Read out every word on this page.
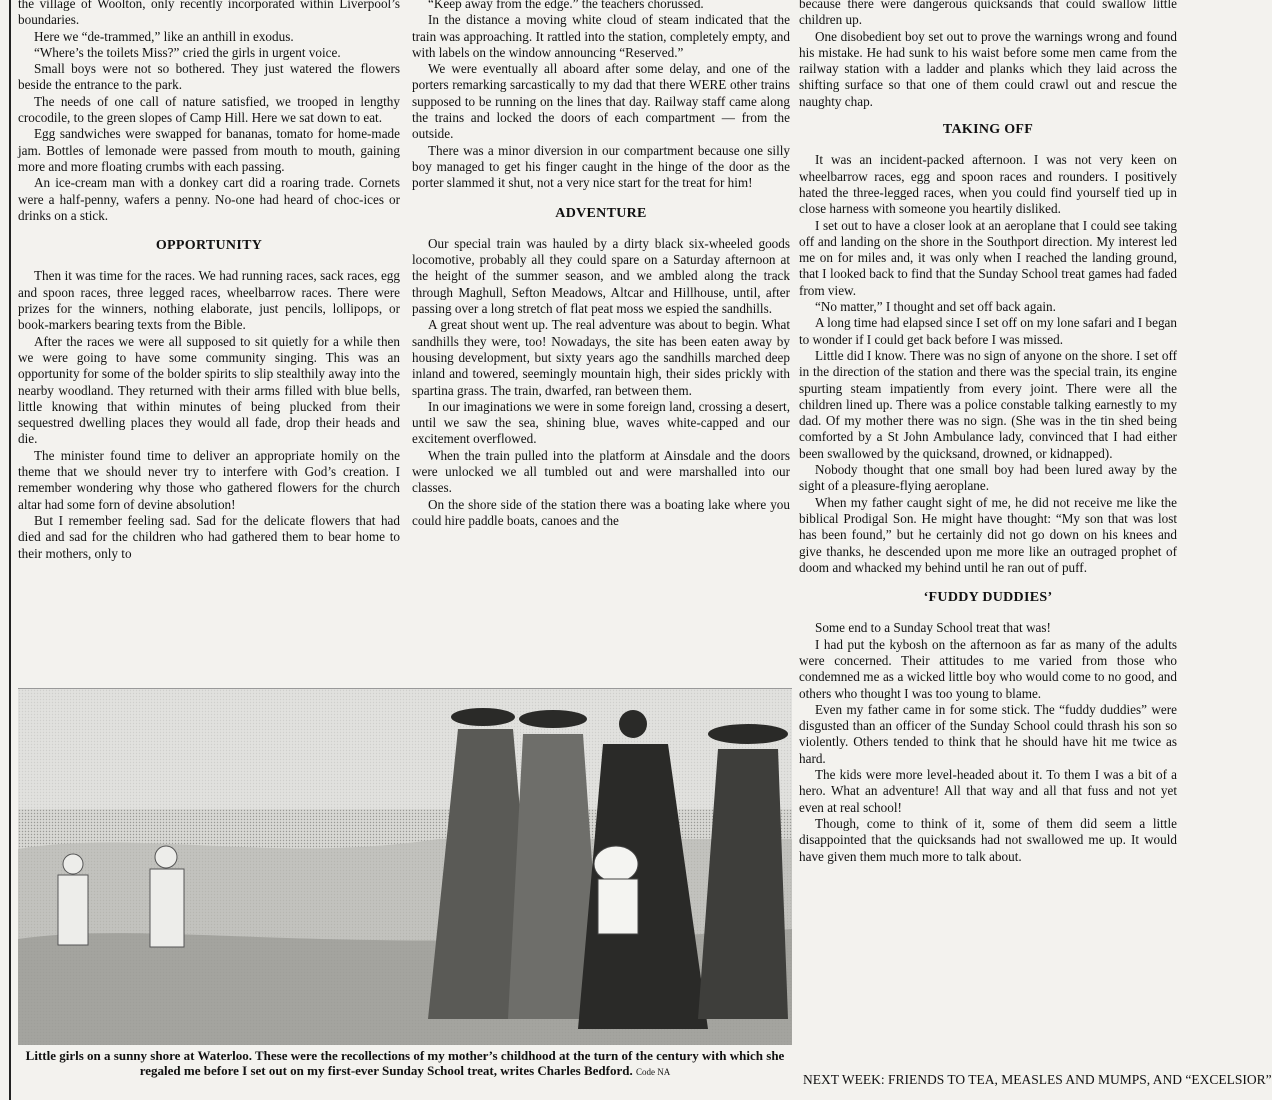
the village of Woolton, only recently incorporated within Liverpool’s boundaries.

Here we “de-trammed,” like an anthill in exodus.

“Where’s the toilets Miss?” cried the girls in urgent voice.

Small boys were not so bothered. They just watered the flowers beside the entrance to the park.

The needs of one call of nature satisfied, we trooped in lengthy crocodile, to the green slopes of Camp Hill. Here we sat down to eat.

Egg sandwiches were swapped for bananas, tomato for home-made jam. Bottles of lemonade were passed from mouth to mouth, gaining more and more floating crumbs with each passing.

An ice-cream man with a donkey cart did a roaring trade. Cornets were a half-penny, wafers a penny. No-one had heard of choc-ices or drinks on a stick.

OPPORTUNITY

Then it was time for the races. We had running races, sack races, egg and spoon races, three legged races, wheelbarrow races. There were prizes for the winners, nothing elaborate, just pencils, lollipops, or book-markers bearing texts from the Bible.

After the races we were all supposed to sit quietly for a while then we were going to have some community singing. This was an opportunity for some of the bolder spirits to slip stealthily away into the nearby woodland. They returned with their arms filled with blue bells, little knowing that within minutes of being plucked from their sequestred dwelling places they would all fade, drop their heads and die.

The minister found time to deliver an appropriate homily on the theme that we should never try to interfere with God’s creation. I remember wondering why those who gathered flowers for the church altar had some forn of devine absolution!

But I remember feeling sad. Sad for the delicate flowers that had died and sad for the children who had gathered them to bear home to their mothers, only to

“Keep away from the edge.” the teachers chorussed.

In the distance a moving white cloud of steam indicated that the train was approaching. It rattled into the station, completely empty, and with labels on the window announcing “Reserved.”

We were eventually all aboard after some delay, and one of the porters remarking sarcastically to my dad that there WERE other trains supposed to be running on the lines that day. Railway staff came along the trains and locked the doors of each compartment — from the outside.

There was a minor diversion in our compartment because one silly boy managed to get his finger caught in the hinge of the door as the porter slammed it shut, not a very nice start for the treat for him!

ADVENTURE

Our special train was hauled by a dirty black six-wheeled goods locomotive, probably all they could spare on a Saturday afternoon at the height of the summer season, and we ambled along the track through Maghull, Sefton Meadows, Altcar and Hillhouse, until, after passing over a long stretch of flat peat moss we espied the sandhills.

A great shout went up. The real adventure was about to begin. What sandhills they were, too! Nowadays, the site has been eaten away by housing development, but sixty years ago the sandhills marched deep inland and towered, seemingly mountain high, their sides prickly with spartina grass. The train, dwarfed, ran between them.

In our imaginations we were in some foreign land, crossing a desert, until we saw the sea, shining blue, waves white-capped and our excitement overflowed.

When the train pulled into the platform at Ainsdale and the doors were unlocked we all tumbled out and were marshalled into our classes.

On the shore side of the station there was a boating lake where you could hire paddle boats, canoes and the

because there were dangerous quicksands that could swallow little children up.

One disobedient boy set out to prove the warnings wrong and found his mistake. He had sunk to his waist before some men came from the railway station with a ladder and planks which they laid across the shifting surface so that one of them could crawl out and rescue the naughty chap.

TAKING OFF

It was an incident-packed afternoon. I was not very keen on wheelbarrow races, egg and spoon races and rounders. I positively hated the three-legged races, when you could find yourself tied up in close harness with someone you heartily disliked.

I set out to have a closer look at an aeroplane that I could see taking off and landing on the shore in the Southport direction. My interest led me on for miles and, it was only when I reached the landing ground, that I looked back to find that the Sunday School treat games had faded from view.

“No matter,” I thought and set off back again.

A long time had elapsed since I set off on my lone safari and I began to wonder if I could get back before I was missed.

Little did I know. There was no sign of anyone on the shore. I set off in the direction of the station and there was the special train, its engine spurting steam impatiently from every joint. There were all the children lined up. There was a police constable talking earnestly to my dad. Of my mother there was no sign. (She was in the tin shed being comforted by a St John Ambulance lady, convinced that I had either been swallowed by the quicksand, drowned, or kidnapped).

Nobody thought that one small boy had been lured away by the sight of a pleasure-flying aeroplane.

When my father caught sight of me, he did not receive me like the biblical Prodigal Son. He might have thought: “My son that was lost has been found,” but he certainly did not go down on his knees and give thanks, he descended upon me more like an outraged prophet of doom and whacked my behind until he ran out of puff.

‘FUDDY DUDDIES’

Some end to a Sunday School treat that was!

I had put the kybosh on the afternoon as far as many of the adults were concerned. Their attitudes to me varied from those who condemned me as a wicked little boy who would come to no good, and others who thought I was too young to blame.

Even my father came in for some stick. The “fuddy duddies” were disgusted than an officer of the Sunday School could thrash his son so violently. Others tended to think that he should have hit me twice as hard.

The kids were more level-headed about it. To them I was a bit of a hero. What an adventure! All that way and all that fuss and not yet even at real school!

Though, come to think of it, some of them did seem a little disappointed that the quicksands had not swallowed me up. It would have given them much more to talk about.

Little girls on a sunny shore at Waterloo. These were the recollections of my mother’s childhood at the turn of the century with which she regaled me before I set out on my first-ever Sunday School treat, writes Charles Bedford. Code NA	NEXT WEEK: FRIENDS TO TEA, MEASLES AND MUMPS, AND “EXCELSIOR”
